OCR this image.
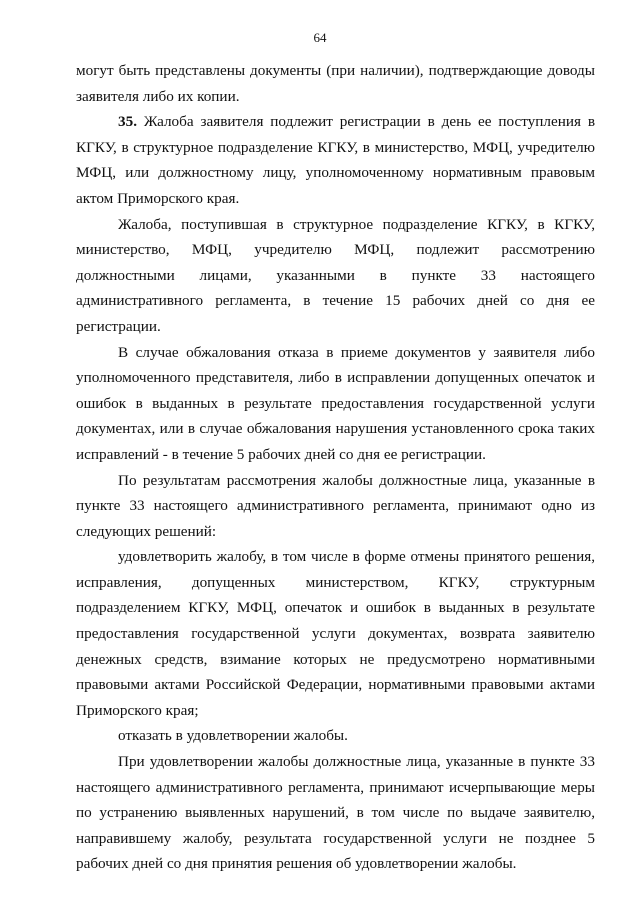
64

могут быть представлены документы (при наличии), подтверждающие доводы заявителя либо их копии.

35. Жалоба заявителя подлежит регистрации в день ее поступления в КГКУ, в структурное подразделение КГКУ, в министерство, МФЦ, учредителю МФЦ, или должностному лицу, уполномоченному нормативным правовым актом Приморского края.

Жалоба, поступившая в структурное подразделение КГКУ, в КГКУ, министерство, МФЦ, учредителю МФЦ, подлежит рассмотрению должностными лицами, указанными в пункте 33 настоящего административного регламента, в течение 15 рабочих дней со дня ее регистрации.

В случае обжалования отказа в приеме документов у заявителя либо уполномоченного представителя, либо в исправлении допущенных опечаток и ошибок в выданных в результате предоставления государственной услуги документах, или в случае обжалования нарушения установленного срока таких исправлений - в течение 5 рабочих дней со дня ее регистрации.

По результатам рассмотрения жалобы должностные лица, указанные в пункте 33 настоящего административного регламента, принимают одно из следующих решений:

удовлетворить жалобу, в том числе в форме отмены принятого решения, исправления, допущенных министерством, КГКУ, структурным подразделением КГКУ, МФЦ, опечаток и ошибок в выданных в результате предоставления государственной услуги документах, возврата заявителю денежных средств, взимание которых не предусмотрено нормативными правовыми актами Российской Федерации, нормативными правовыми актами Приморского края;

отказать в удовлетворении жалобы.

При удовлетворении жалобы должностные лица, указанные в пункте 33 настоящего административного регламента, принимают исчерпывающие меры по устранению выявленных нарушений, в том числе по выдаче заявителю, направившему жалобу, результата государственной услуги не позднее 5 рабочих дней со дня принятия решения об удовлетворении жалобы.
